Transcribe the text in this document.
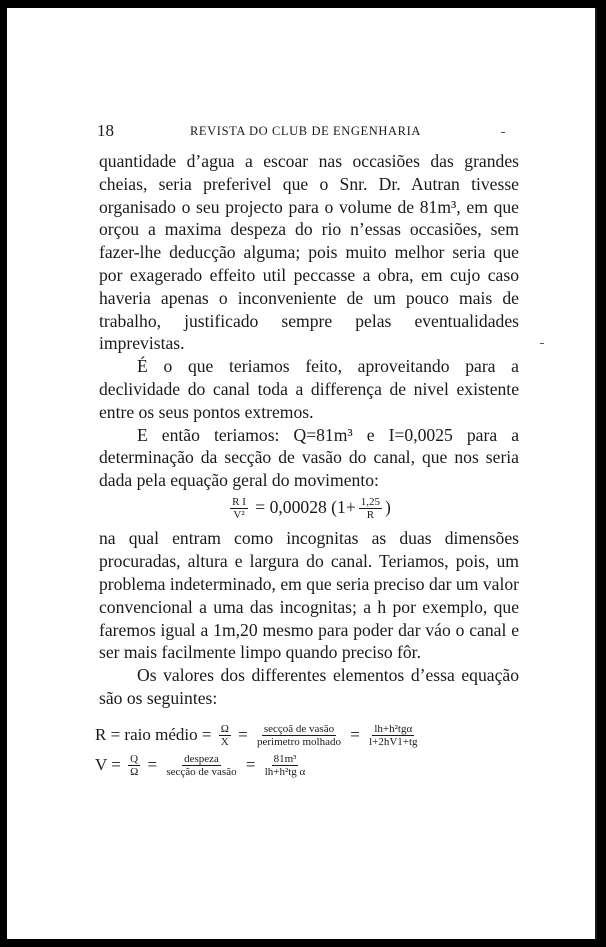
18	REVISTA DO CLUB DE ENGENHARIA

quantidade d’agua a escoar nas occasiões das grandes cheias, seria preferivel que o Snr. Dr. Autran tivesse organisado o seu projecto para o volume de 81m³, em que orçou a maxima despeza do rio n’essas occasiões, sem fazer-lhe deducção alguma; pois muito melhor seria que por exagerado effeito util peccasse a obra, em cujo caso haveria apenas o inconveniente de um pouco mais de trabalho, justificado sempre pelas eventualidades imprevistas.

É o que teriamos feito, aproveitando para a declividade do canal toda a differença de nivel existente entre os seus pontos extremos.

E então teriamos: Q=81m³ e I=0,0025 para a determinação da secção de vasão do canal, que nos seria dada pela equação geral do movimento:

$\frac{\text{R I}}{\text{V²}} = 0,00028$ ($1+ \frac{1,25}{R}$ )

na qual entram como incognitas as duas dimensões procuradas, altura e largura do canal. Teriamos, pois, um problema indeterminado, em que seria preciso dar um valor convencional a uma das incognitas; a h por exemplo, que faremos igual a 1m,20 mesmo para poder dar váo o canal e ser mais facilmente limpo quando preciso fôr.

Os valores dos differentes elementos d’essa equação são os seguintes:

R = raio médio = $\frac{\Omega}{X} = \frac{\text{secçoã de vasão}}{\text{perimetro molhado}} = \frac{\text{lh+h²tgα}}{l+2hV1+tg}$
$V = \frac{Q}{\Omega} = \frac{\text{despeza}}{\text{secção de vasão}} = \frac{\text{81m³}}{\text{lh+h²tg α}}$
